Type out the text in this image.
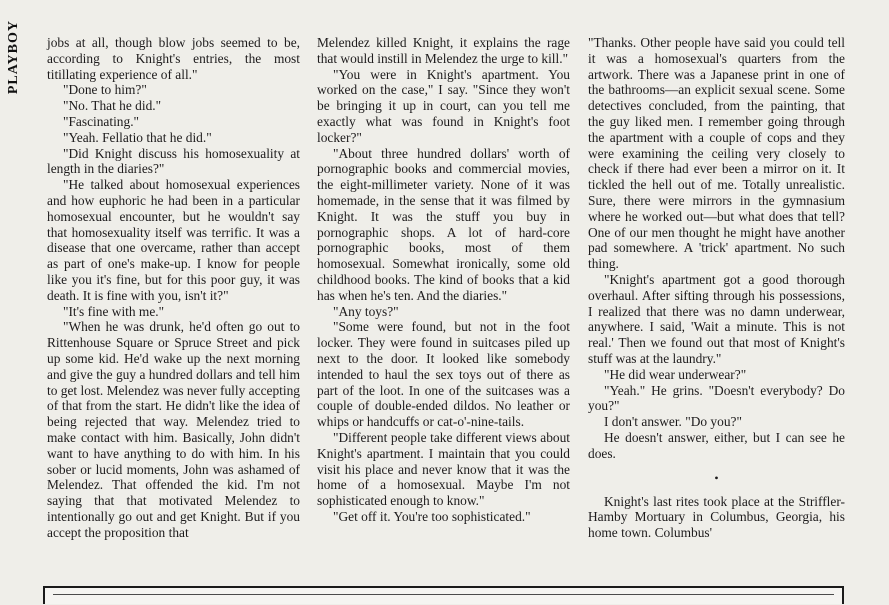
PLAYBOY jobs at all, though blow jobs seemed to be, according to Knight's entries, the most titillating experience of all."

"Done to him?"

"No. That he did."

"Fascinating."

"Yeah. Fellatio that he did."

"Did Knight discuss his homosexuality at length in the diaries?"

"He talked about homosexual experiences and how euphoric he had been in a particular homosexual encounter, but he wouldn't say that homosexuality itself was terrific. It was a disease that one overcame, rather than accept as part of one's make-up. I know for people like you it's fine, but for this poor guy, it was death. It is fine with you, isn't it?"

"It's fine with me."

"When he was drunk, he'd often go out to Rittenhouse Square or Spruce Street and pick up some kid. He'd wake up the next morning and give the guy a hundred dollars and tell him to get lost. Melendez was never fully accepting of that from the start. He didn't like the idea of being rejected that way. Melendez tried to make contact with him. Basically, John didn't want to have anything to do with him. In his sober or lucid moments, John was ashamed of Melendez. That offended the kid. I'm not saying that that motivated Melendez to intentionally go out and get Knight. But if you accept the proposition that

Melendez killed Knight, it explains the rage that would instill in Melendez the urge to kill."

"You were in Knight's apartment. You worked on the case," I say. "Since they won't be bringing it up in court, can you tell me exactly what was found in Knight's foot locker?"

"About three hundred dollars' worth of pornographic books and commercial movies, the eight-millimeter variety. None of it was homemade, in the sense that it was filmed by Knight. It was the stuff you buy in pornographic shops. A lot of hard-core pornographic books, most of them homosexual. Somewhat ironically, some old childhood books. The kind of books that a kid has when he's ten. And the diaries."

"Any toys?"

"Some were found, but not in the foot locker. They were found in suitcases piled up next to the door. It looked like somebody intended to haul the sex toys out of there as part of the loot. In one of the suitcases was a couple of double-ended dildos. No leather or whips or handcuffs or cat-o'-nine-tails.

"Different people take different views about Knight's apartment. I maintain that you could visit his place and never know that it was the home of a homosexual. Maybe I'm not sophisticated enough to know."

"Get off it. You're too sophisticated."

"Thanks. Other people have said you could tell it was a homosexual's quarters from the artwork. There was a Japanese print in one of the bathrooms—an explicit sexual scene. Some detectives concluded, from the painting, that the guy liked men. I remember going through the apartment with a couple of cops and they were examining the ceiling very closely to check if there had ever been a mirror on it. It tickled the hell out of me. Totally unrealistic. Sure, there were mirrors in the gymnasium where he worked out—but what does that tell? One of our men thought he might have another pad somewhere. A 'trick' apartment. No such thing.

"Knight's apartment got a good thorough overhaul. After sifting through his possessions, I realized that there was no damn underwear, anywhere. I said, 'Wait a minute. This is not real.' Then we found out that most of Knight's stuff was at the laundry."

"He did wear underwear?"

"Yeah." He grins. "Doesn't everybody? Do you?"

I don't answer. "Do you?"

He doesn't answer, either, but I can see he does.

•

Knight's last rites took place at the Striffler-Hamby Mortuary in Columbus, Georgia, his home town. Columbus'
